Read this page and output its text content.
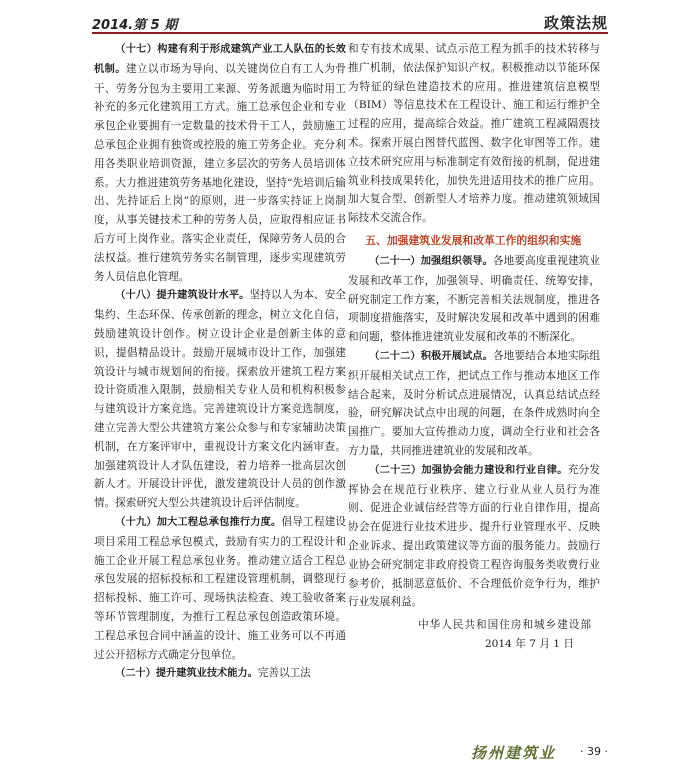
2014.第 5 期	政策法规

（十七）构建有利于形成建筑产业工人队伍的长效机制。建立以市场为导向、以关键岗位自有工人为骨干、劳务分包为主要用工来源、劳务派遣为临时用工补充的多元化建筑用工方式。施工总承包企业和专业承包企业要拥有一定数量的技术骨干工人，鼓励施工总承包企业拥有独资或控股的施工劳务企业。充分利用各类职业培训资源，建立多层次的劳务人员培训体系。大力推进建筑劳务基地化建设，坚持“先培训后输出、先持证后上岗”的原则，进一步落实持证上岗制度，从事关键技术工种的劳务人员，应取得相应证书后方可上岗作业。落实企业责任，保障劳务人员的合法权益。推行建筑劳务实名制管理，逐步实现建筑劳务人员信息化管理。

（十八）提升建筑设计水平。坚持以人为本、安全集约、生态环保、传承创新的理念，树立文化自信，鼓励建筑设计创作。树立设计企业是创新主体的意识，提倡精品设计。鼓励开展城市设计工作，加强建筑设计与城市规划间的衔接。探索放开建筑工程方案设计资质准入限制，鼓励相关专业人员和机构积极参与建筑设计方案竞选。完善建筑设计方案竞选制度，建立完善大型公共建筑方案公众参与和专家辅助决策机制，在方案评审中，重视设计方案文化内涵审查。加强建筑设计人才队伍建设，着力培养一批高层次创新人才。开展设计评优，激发建筑设计人员的创作激情。探索研究大型公共建筑设计后评估制度。

（十九）加大工程总承包推行力度。倡导工程建设项目采用工程总承包模式，鼓励有实力的工程设计和施工企业开展工程总承包业务。推动建立适合工程总承包发展的招标投标和工程建设管理机制，调整现行招标投标、施工许可、现场执法检查、竣工验收备案等环节管理制度，为推行工程总承包创造政策环境。工程总承包合同中涵盖的设计、施工业务可以不再通过公开招标方式确定分包单位。

（二十）提升建筑业技术能力。完善以工法

和专有技术成果、试点示范工程为抓手的技术转移与推广机制，依法保护知识产权。积极推动以节能环保为特征的绿色建造技术的应用。推进建筑信息模型（BIM）等信息技术在工程设计、施工和运行维护全过程的应用，提高综合效益。推广建筑工程减隔震技术。探索开展白图替代蓝图、数字化审图等工作。建立技术研究应用与标准制定有效衔接的机制，促进建筑业科技成果转化，加快先进适用技术的推广应用。加大复合型、创新型人才培养力度。推动建筑领域国际技术交流合作。

五、加强建筑业发展和改革工作的组织和实施

（二十一）加强组织领导。各地要高度重视建筑业发展和改革工作，加强领导、明确责任、统筹安排，研究制定工作方案，不断完善相关法规制度，推进各项制度措施落实，及时解决发展和改革中遇到的困难和问题，整体推进建筑业发展和改革的不断深化。

（二十二）积极开展试点。各地要结合本地实际组织开展相关试点工作，把试点工作与推动本地区工作结合起来，及时分析试点进展情况，认真总结试点经验，研究解决试点中出现的问题，在条件成熟时向全国推广。要加大宣传推动力度，调动全行业和社会各方力量，共同推进建筑业的发展和改革。

（二十三）加强协会能力建设和行业自律。充分发挥协会在规范行业秩序、建立行业从业人员行为准则、促进企业诚信经营等方面的行业自律作用，提高协会在促进行业技术进步、提升行业管理水平、反映企业诉求、提出政策建议等方面的服务能力。鼓励行业协会研究制定非政府投资工程咨询服务类收费行业参考价，抵制恶意低价、不合理低价竞争行为，维护行业发展利益。

中华人民共和国住房和城乡建设部

2014 年 7 月 1 日

扬州建筑业 · 39 ·
